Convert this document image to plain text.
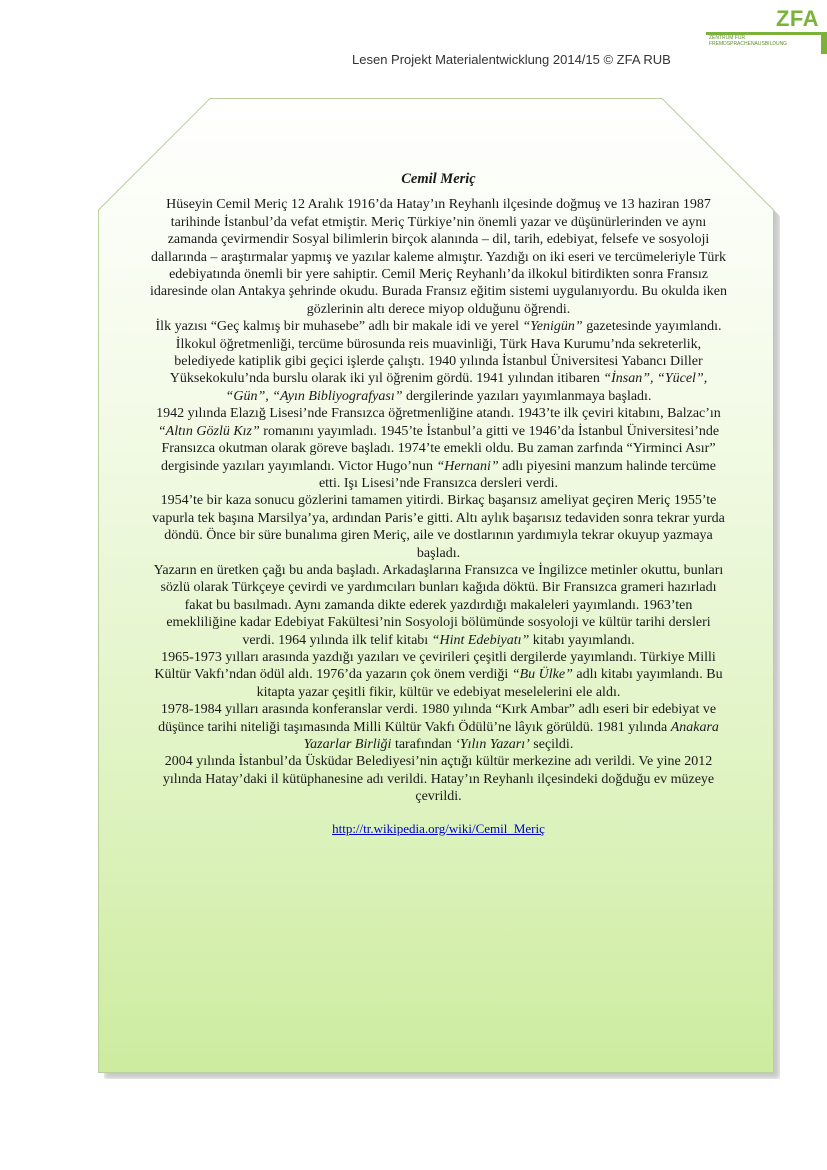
ZFA
ZENTRUM FÜR
FREMDSPRACHENAUSBILDUNG
Lesen Projekt Materialentwicklung 2014/15 © ZFA RUB
Cemil Meriç

Hüseyin Cemil Meriç 12 Aralık 1916’da Hatay’ın Reyhanlı ilçesinde doğmuş ve 13 haziran 1987 tarihinde İstanbul’da vefat etmiştir. Meriç Türkiye’nin önemli yazar ve düşünürlerinden ve aynı zamanda çevirmendir Sosyal bilimlerin birçok alanında – dil, tarih, edebiyat, felsefe ve sosyoloji dallarında – araştırmalar yapmış ve yazılar kaleme almıştır. Yazdığı on iki eseri ve tercümeleriyle Türk edebiyatında önemli bir yere sahiptir. Cemil Meriç Reyhanlı’da ilkokul bitirdikten sonra Fransız idaresinde olan Antakya şehrinde okudu. Burada Fransız eğitim sistemi uygulanıyordu. Bu okulda iken gözlerinin altı derece miyop olduğunu öğrendi.

İlk yazısı “Geç kalmış bir muhasebe” adlı bir makale idi ve yerel “Yenigün” gazetesinde yayımlandı. İlkokul öğretmenliği, tercüme bürosunda reis muavinliği, Türk Hava Kurumu’nda sekreterlik, belediyede katiplik gibi geçici işlerde çalıştı. 1940 yılında İstanbul Üniversitesi Yabancı Diller Yüksekokulu’nda burslu olarak iki yıl öğrenim gördü. 1941 yılından itibaren “İnsan”, “Yücel”, “Gün”, “Ayın Bibliyografyası” dergilerinde yazıları yayımlanmaya başladı.

1942 yılında Elazığ Lisesi’nde Fransızca öğretmenliğine atandı. 1943’te ilk çeviri kitabını, Balzac’ın “Altın Gözlü Kız” romanını yayımladı. 1945’te İstanbul’a gitti ve 1946’da İstanbul Üniversitesi’nde Fransızca okutman olarak göreve başladı. 1974’te emekli oldu. Bu zaman zarfında “Yirminci Asır” dergisinde yazıları yayımlandı. Victor Hugo’nun “Hernani” adlı piyesini manzum halinde tercüme etti. Işı Lisesi’nde Fransızca dersleri verdi.

1954’te bir kaza sonucu gözlerini tamamen yitirdi. Birkaç başarısız ameliyat geçiren Meriç 1955’te vapurla tek başına Marsilya’ya, ardından Paris’e gitti. Altı aylık başarısız tedaviden sonra tekrar yurda döndü. Önce bir süre bunalıma giren Meriç, aile ve dostlarının yardımıyla tekrar okuyup yazmaya başladı.

Yazarın en üretken çağı bu anda başladı. Arkadaşlarına Fransızca ve İngilizce metinler okuttu, bunları sözlü olarak Türkçeye çevirdi ve yardımcıları bunları kağıda döktü. Bir Fransızca grameri hazırladı fakat bu basılmadı. Aynı zamanda dikte ederek yazdırdığı makaleleri yayımlandı. 1963’ten emekliliğine kadar Edebiyat Fakültesi’nin Sosyoloji bölümünde sosyoloji ve kültür tarihi dersleri verdi. 1964 yılında ilk telif kitabı “Hint Edebiyatı” kitabı yayımlandı.

1965-1973 yılları arasında yazdığı yazıları ve çevirileri çeşitli dergilerde yayımlandı. Türkiye Milli Kültür Vakfı’ndan ödül aldı. 1976’da yazarın çok önem verdiği “Bu Ülke” adlı kitabı yayımlandı. Bu kitapta yazar çeşitli fikir, kültür ve edebiyat meselelerini ele aldı.

1978-1984 yılları arasında konferanslar verdi. 1980 yılında “Kırk Ambar” adlı eseri bir edebiyat ve düşünce tarihi niteliği taşımasında Milli Kültür Vakfı Ödülü’ne lâyık görüldü. 1981 yılında Anakara Yazarlar Birliği tarafından ‘Yılın Yazarı’ seçildi.

2004 yılında İstanbul’da Üsküdar Belediyesi’nin açtığı kültür merkezine adı verildi. Ve yine 2012 yılında Hatay’daki il kütüphanesine adı verildi. Hatay’ın Reyhanlı ilçesindeki doğduğu ev müzeye çevrildi.

http://tr.wikipedia.org/wiki/Cemil_Meriç
